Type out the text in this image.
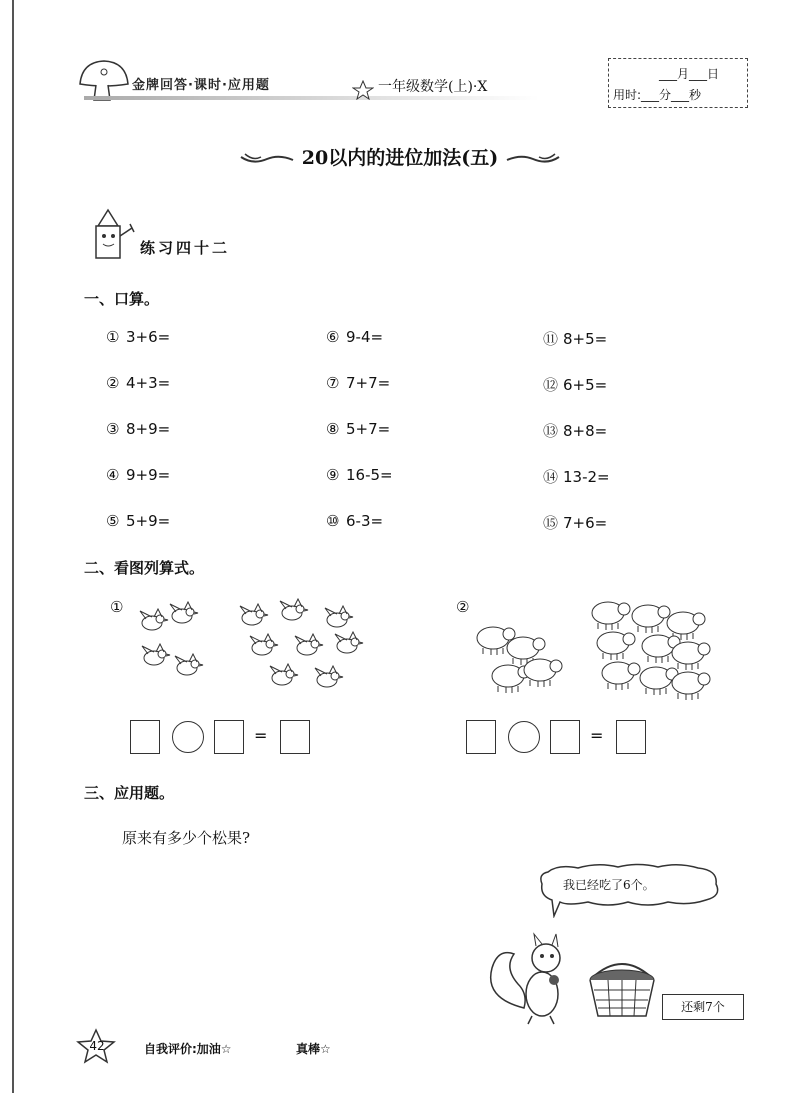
金牌回答·课时·应用题	一年级数学(上)·X
___月___日
用时:___分___秒
20以内的进位加法(五)
练习四十二
一、口算。
① 3+6=
② 4+3=
③ 8+9=
④ 9+9=
⑤ 5+9=
⑥ 9-4=
⑦ 7+7=
⑧ 5+7=
⑨ 16-5=
⑩ 6-3=
⑪ 8+5=
⑫ 6+5=
⑬ 8+8=
⑭ 13-2=
⑮ 7+6=
二、看图列算式。
①	②
=	=
三、应用题。
原来有多少个松果?
我已经吃了6个。
还剩7个
42	自我评价:加油☆	真棒☆
